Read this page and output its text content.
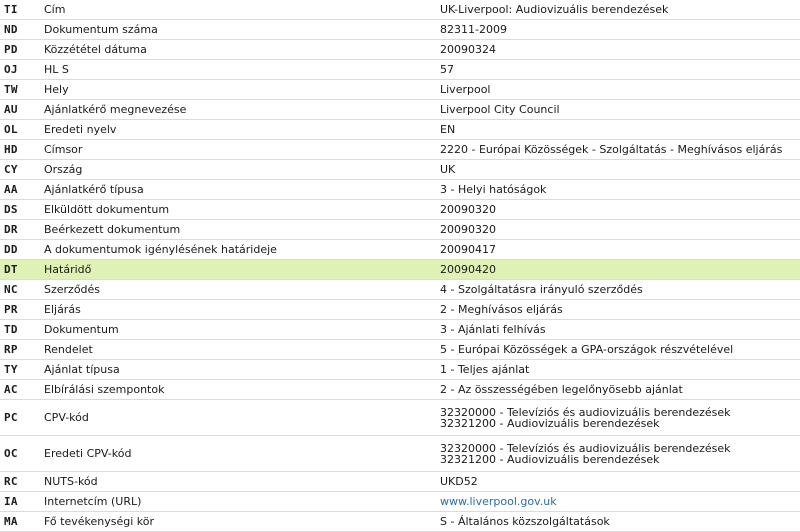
TI	Cím	UK-Liverpool: Audiovizuális berendezések

ND	Dokumentum száma	82311-2009

PD	Közzététel dátuma	20090324

OJ	HL S	57

TW	Hely	Liverpool

AU	Ajánlatkérő megnevezése	Liverpool City Council

OL	Eredeti nyelv	EN

HD	Címsor	2220 - Európai Közösségek - Szolgáltatás - Meghívásos eljárás

CY	Ország	UK

AA	Ajánlatkérő típusa	3 - Helyi hatóságok

DS	Elküldött dokumentum	20090320

DR	Beérkezett dokumentum	20090320

DD	A dokumentumok igénylésének határideje	20090417

DT	Határidő	20090420

NC	Szerződés	4 - Szolgáltatásra irányuló szerződés

PR	Eljárás	2 - Meghívásos eljárás

TD	Dokumentum	3 - Ajánlati felhívás

RP	Rendelet	5 - Európai Közösségek a GPA-országok részvételével

TY	Ajánlat típusa	1 - Teljes ajánlat

AC	Elbírálási szempontok	2 - Az összességében legelőnyösebb ajánlat

PC	CPV-kód	32320000 - Televíziós és audiovizuális berendezések
32321200 - Audiovizuális berendezések

OC	Eredeti CPV-kód	32320000 - Televíziós és audiovizuális berendezések
32321200 - Audiovizuális berendezések

RC	NUTS-kód	UKD52

IA	Internetcím (URL)	www.liverpool.gov.uk
MA	Fő tevékenységi kör	S - Általános közszolgáltatások
